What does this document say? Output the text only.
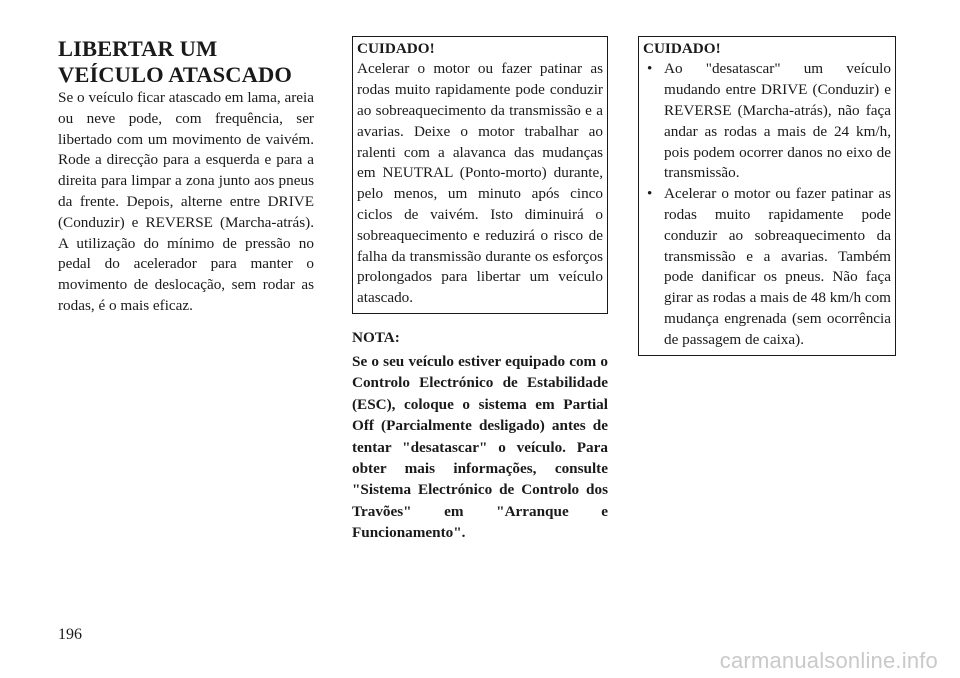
LIBERTAR UM VEÍCULO ATASCADO

Se o veículo ficar atascado em lama, areia ou neve pode, com frequência, ser libertado com um movimento de vaivém. Rode a direcção para a esquerda e para a direita para limpar a zona junto aos pneus da frente. Depois, alterne entre DRIVE (Conduzir) e REVERSE (Marcha-atrás). A utilização do mínimo de pressão no pedal do acelerador para manter o movimento de deslocação, sem rodar as rodas, é o mais eficaz.

CUIDADO!
Acelerar o motor ou fazer patinar as rodas muito rapidamente pode conduzir ao sobreaquecimento da transmissão e a avarias. Deixe o motor trabalhar ao ralenti com a alavanca das mudanças em NEUTRAL (Ponto-morto) durante, pelo menos, um minuto após cinco ciclos de vaivém. Isto diminuirá o sobreaquecimento e reduzirá o risco de falha da transmissão durante os esforços prolongados para libertar um veículo atascado.
NOTA:

Se o seu veículo estiver equipado com o Controlo Electrónico de Estabilidade (ESC), coloque o sistema em Partial Off (Parcialmente desligado) antes de tentar "desatascar" o veículo. Para obter mais informações, consulte "Sistema Electrónico de Controlo dos Travões" em "Arranque e Funcionamento".

CUIDADO!
• Ao "desatascar" um veículo mudando entre DRIVE (Conduzir) e REVERSE (Marcha-atrás), não faça andar as rodas a mais de 24 km/h, pois podem ocorrer danos no eixo de transmissão.
• Acelerar o motor ou fazer patinar as rodas muito rapidamente pode conduzir ao sobreaquecimento da transmissão e a avarias. Também pode danificar os pneus. Não faça girar as rodas a mais de 48 km/h com mudança engrenada (sem ocorrência de passagem de caixa).
196
carmanualsonline.info
